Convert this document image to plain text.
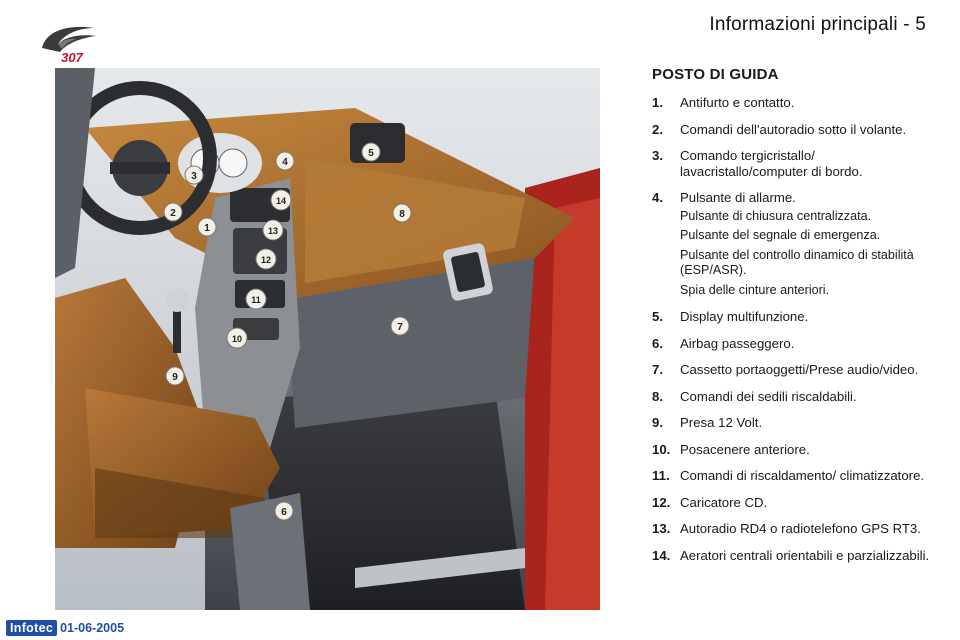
307
Informazioni principali - 5
1
2
3
4
5
6
7
8
9
10
11
12
13
14
POSTO DI GUIDA
1.	Antifurto e contatto.
2.	Comandi dell'autoradio sotto il volante.
3.	Comando tergicristallo/ lavacristallo/computer di bordo.
4.	Pulsante di allarme.
Pulsante di chiusura centralizzata.
Pulsante del segnale di emergenza.
Pulsante del controllo dinamico di stabilità (ESP/ASR).
Spia delle cinture anteriori.
5.	Display multifunzione.
6.	Airbag passeggero.
7.	Cassetto portaoggetti/Prese audio/video.
8.	Comandi dei sedili riscaldabili.
9.	Presa 12 Volt.
10. Posacenere anteriore.
11. Comandi di riscaldamento/ climatizzatore.
12. Caricatore CD.
13. Autoradio RD4 o radiotelefono GPS RT3.
14. Aeratori centrali orientabili e parzializzabili.
Infotec 01-06-2005
